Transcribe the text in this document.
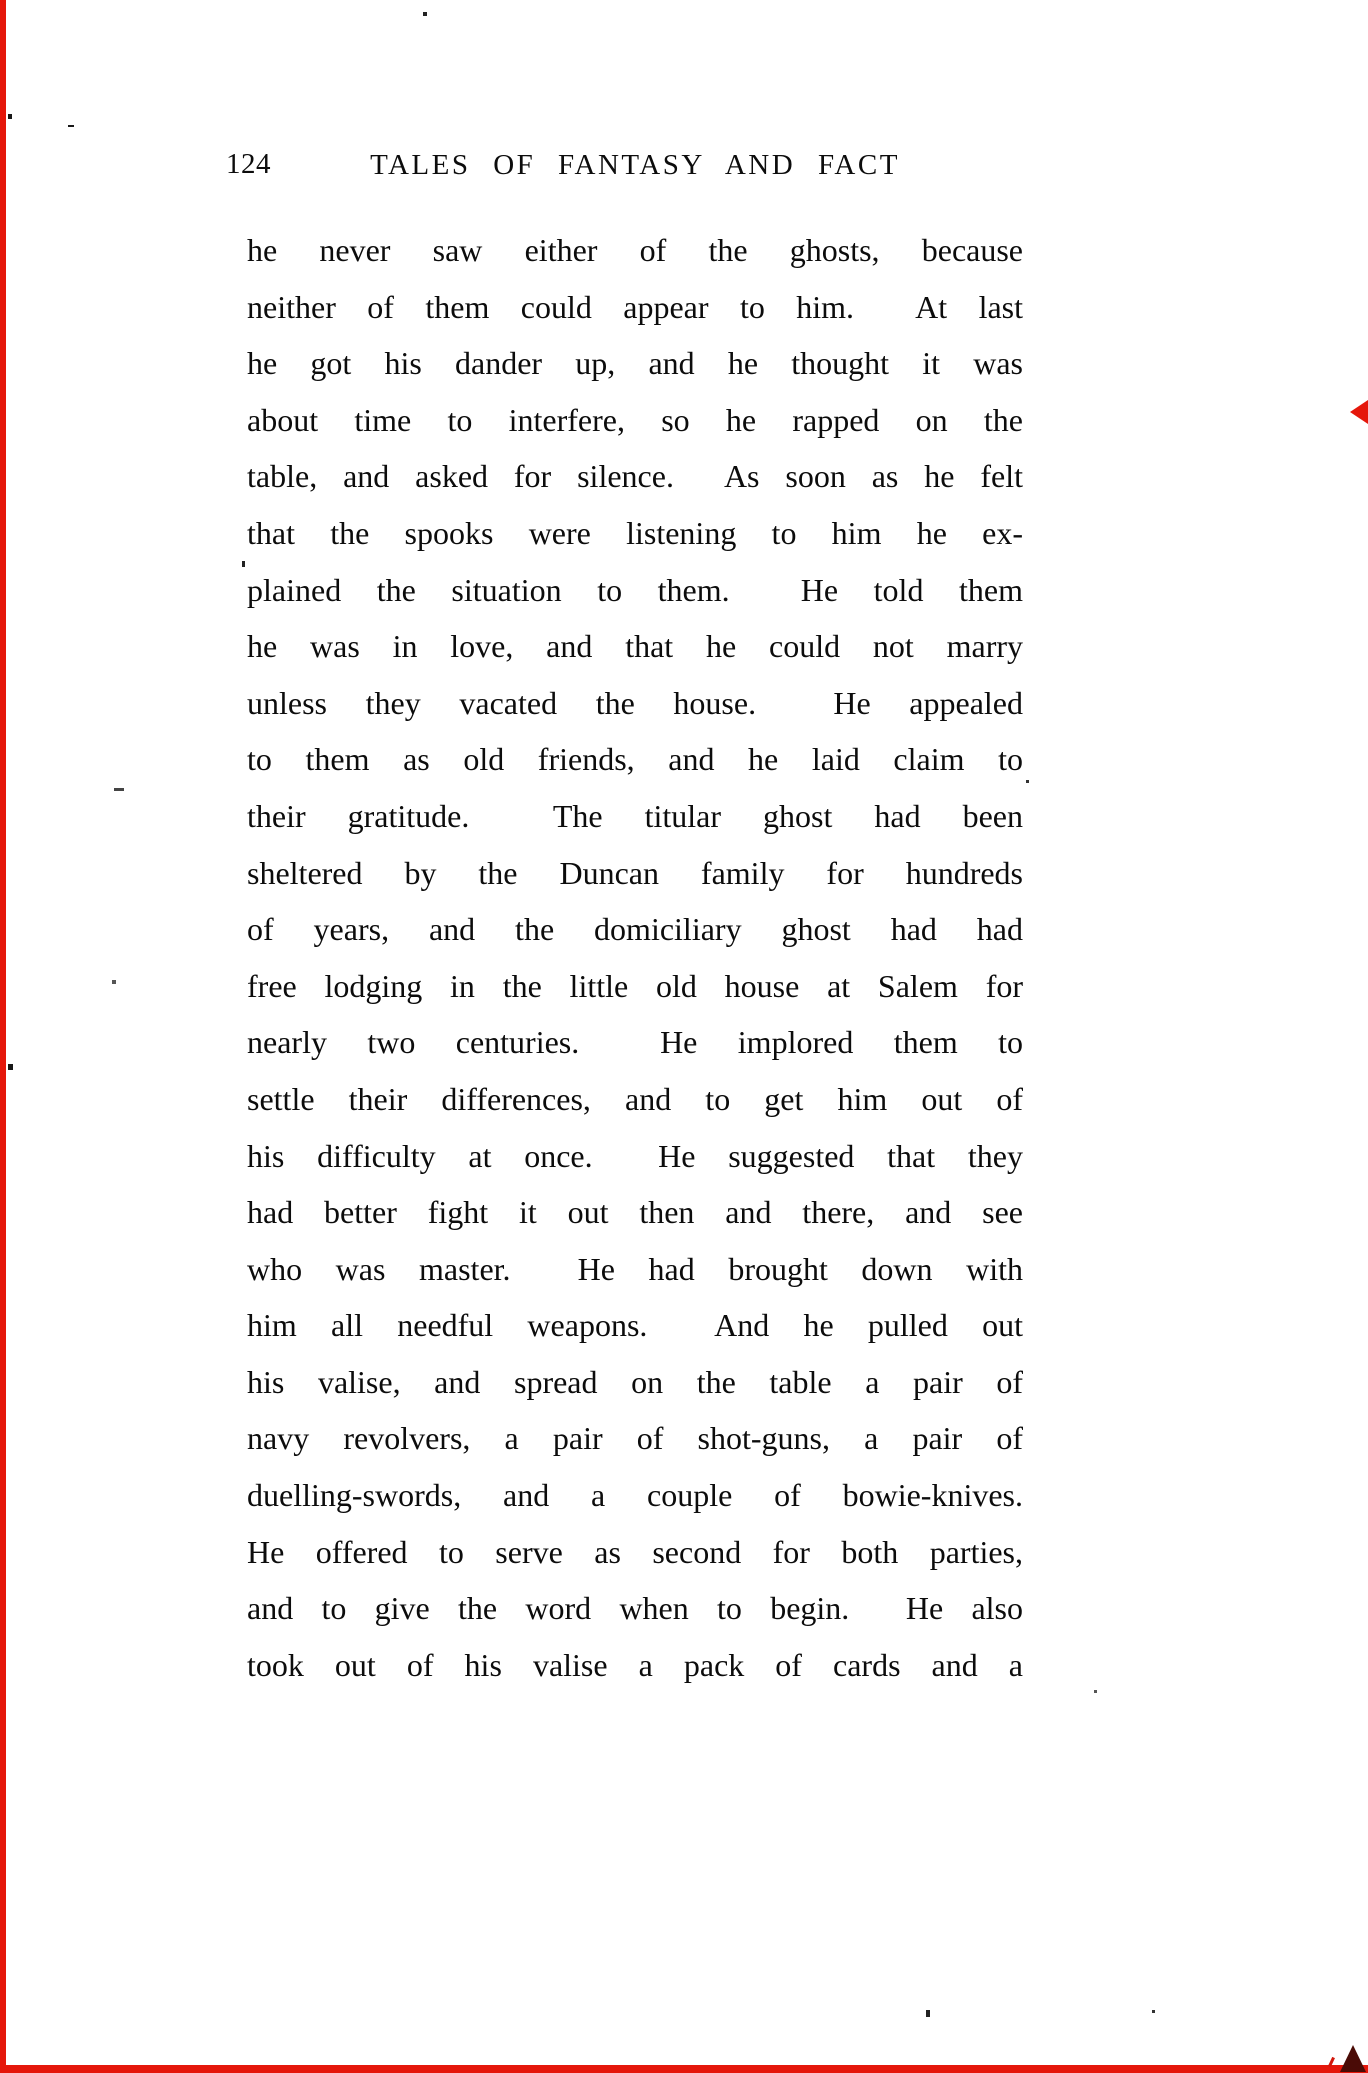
124	TALES OF FANTASY AND FACT
he never saw either of the ghosts, because
neither of them could appear to him.  At last
he got his dander up, and he thought it was
about time to interfere, so he rapped on the
table, and asked for silence.  As soon as he felt
that the spooks were listening to him he ex-
plained the situation to them.  He told them
he was in love, and that he could not marry
unless they vacated the house.  He appealed
to them as old friends, and he laid claim to
their gratitude.  The titular ghost had been
sheltered by the Duncan family for hundreds
of years, and the domiciliary ghost had had
free lodging in the little old house at Salem for
nearly two centuries.  He implored them to
settle their differences, and to get him out of
his difficulty at once.  He suggested that they
had better fight it out then and there, and see
who was master.  He had brought down with
him all needful weapons.  And he pulled out
his valise, and spread on the table a pair of
navy revolvers, a pair of shot-guns, a pair of
duelling-swords, and a couple of bowie-knives.
He offered to serve as second for both parties,
and to give the word when to begin.  He also
took out of his valise a pack of cards and a
